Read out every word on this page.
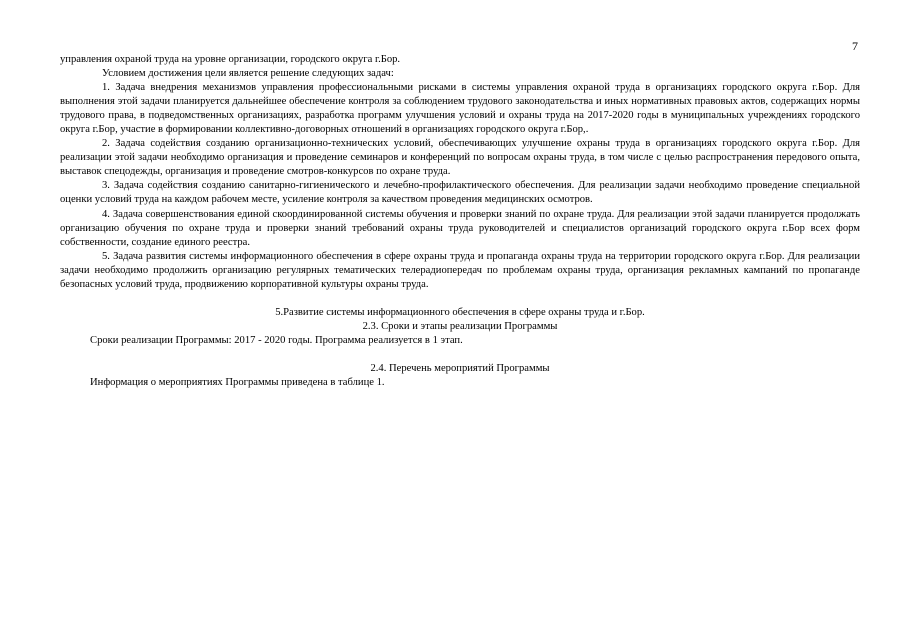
7

управления охраной труда на уровне организации, городского округа г.Бор.

Условием достижения цели является решение следующих задач:

1. Задача внедрения механизмов управления профессиональными рисками в системы управления охраной труда в организациях городского округа г.Бор. Для выполнения этой задачи планируется дальнейшее обеспечение контроля за соблюдением трудового законодательства и иных нормативных правовых актов, содержащих нормы трудового права, в подведомственных организациях, разработка программ улучшения условий и охраны труда на 2017-2020 годы в муниципальных учреждениях городского округа г.Бор, участие в формировании коллективно-договорных отношений в организациях городского округа г.Бор,.

2. Задача содействия созданию организационно-технических условий, обеспечивающих улучшение охраны труда в организациях городского округа г.Бор. Для реализации этой задачи необходимо организация и проведение семинаров и конференций по вопросам охраны труда, в том числе с целью распространения передового опыта, выставок спецодежды, организация и проведение смотров-конкурсов по охране труда.

3. Задача содействия созданию санитарно-гигиенического и лечебно-профилактического обеспечения. Для реализации задачи необходимо проведение специальной оценки условий труда на каждом рабочем месте, усиление контроля за качеством проведения медицинских осмотров.

4. Задача совершенствования единой скоординированной системы обучения и проверки знаний по охране труда. Для реализации этой задачи планируется продолжать организацию обучения по охране труда и проверки знаний требований охраны труда руководителей и специалистов организаций городского округа г.Бор всех форм собственности, создание единого реестра.

5. Задача развития системы информационного обеспечения в сфере охраны труда и пропаганда охраны труда на территории городского округа г.Бор. Для реализации задачи необходимо продолжить организацию регулярных тематических телерадиопередач по проблемам охраны труда, организация рекламных кампаний по пропаганде безопасных условий труда, продвижению корпоративной культуры охраны труда.

5.Развитие системы информационного обеспечения в сфере охраны труда и г.Бор.

2.3. Сроки и этапы реализации Программы

Сроки реализации Программы: 2017 - 2020 годы. Программа реализуется в 1 этап.

2.4. Перечень мероприятий Программы

Информация о мероприятиях Программы приведена в таблице 1.
